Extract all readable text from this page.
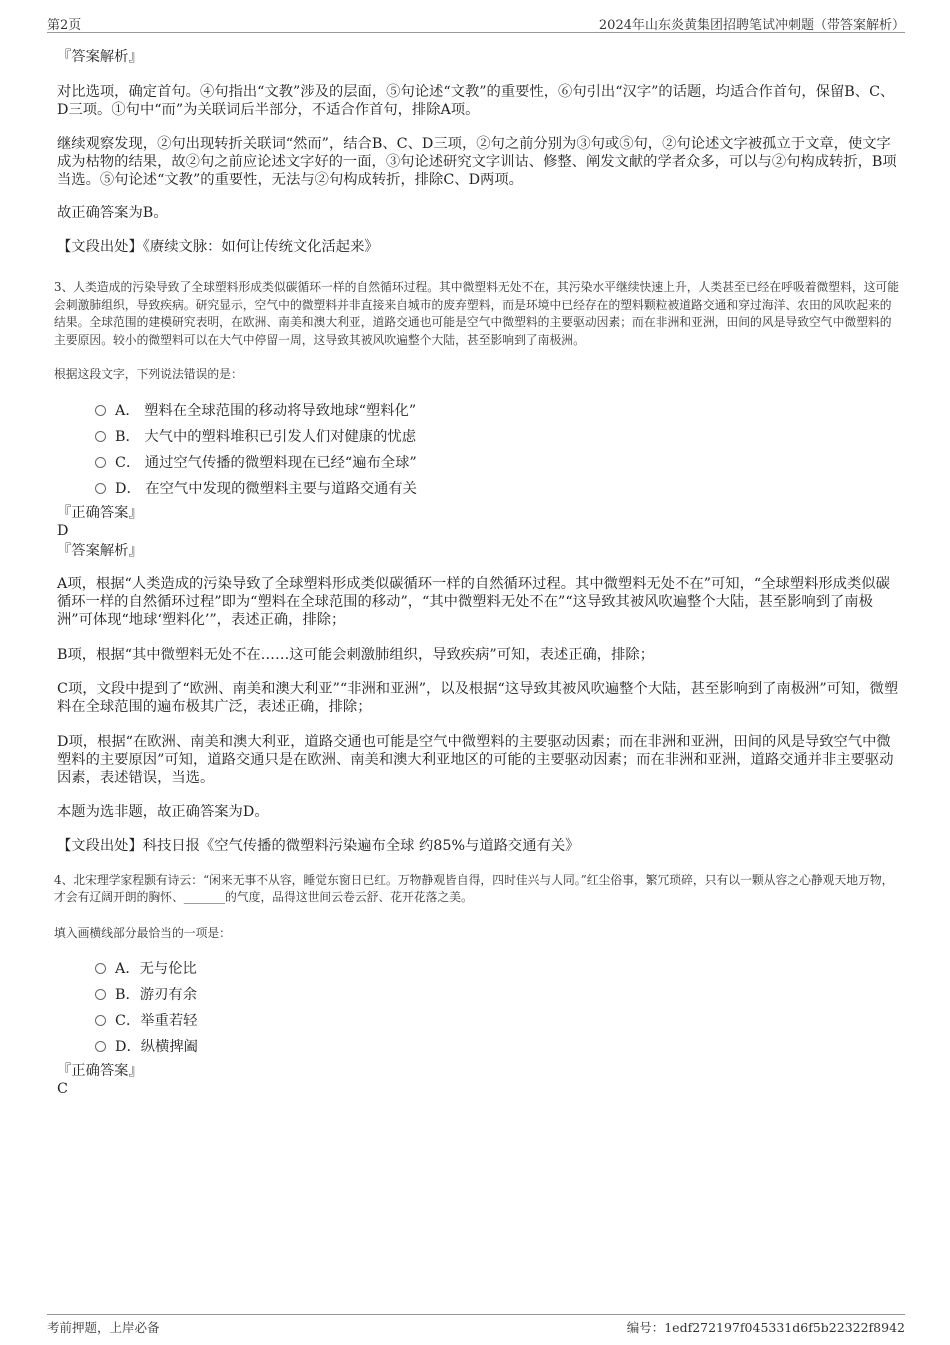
第2页	2024年山东炎黄集团招聘笔试冲刺题（带答案解析）

『答案解析』

对比选项，确定首句。④句指出“文教”涉及的层面，⑤句论述“文教”的重要性，⑥句引出“汉字”的话题，均适合作首句，保留B、C、D三项。①句中“而”为关联词后半部分，不适合作首句，排除A项。

继续观察发现，②句出现转折关联词“然而”，结合B、C、D三项，②句之前分别为③句或⑤句，②句论述文字被孤立于文章，使文字成为枯物的结果，故②句之前应论述文字好的一面，③句论述研究文字训诂、修整、阐发文献的学者众多，可以与②句构成转折，B项当选。⑤句论述“文教”的重要性，无法与②句构成转折，排除C、D两项。

故正确答案为B。

【文段出处】《赓续文脉：如何让传统文化活起来》

3、人类造成的污染导致了全球塑料形成类似碳循环一样的自然循环过程。其中微塑料无处不在，其污染水平继续快速上升，人类甚至已经在呼吸着微塑料，这可能会刺激肺组织，导致疾病。研究显示，空气中的微塑料并非直接来自城市的废弃塑料，而是环境中已经存在的塑料颗粒被道路交通和穿过海洋、农田的风吹起来的结果。全球范围的建模研究表明，在欧洲、南美和澳大利亚，道路交通也可能是空气中微塑料的主要驱动因素；而在非洲和亚洲，田间的风是导致空气中微塑料的主要原因。较小的微塑料可以在大气中停留一周，这导致其被风吹遍整个大陆，甚至影响到了南极洲。

根据这段文字，下列说法错误的是：

A． 塑料在全球范围的移动将导致地球“塑料化”
B． 大气中的塑料堆积已引发人们对健康的忧虑
C． 通过空气传播的微塑料现在已经“遍布全球”
D． 在空气中发现的微塑料主要与道路交通有关

『正确答案』

D

『答案解析』

A项，根据“人类造成的污染导致了全球塑料形成类似碳循环一样的自然循环过程。其中微塑料无处不在”可知，“全球塑料形成类似碳循环一样的自然循环过程”即为“塑料在全球范围的移动”，“其中微塑料无处不在”“这导致其被风吹遍整个大陆，甚至影响到了南极洲”可体现“地球‘塑料化’”，表述正确，排除；

B项，根据“其中微塑料无处不在……这可能会刺激肺组织，导致疾病”可知，表述正确，排除；

C项，文段中提到了“欧洲、南美和澳大利亚”“非洲和亚洲”，以及根据“这导致其被风吹遍整个大陆，甚至影响到了南极洲”可知，微塑料在全球范围的遍布极其广泛，表述正确，排除；

D项，根据“在欧洲、南美和澳大利亚，道路交通也可能是空气中微塑料的主要驱动因素；而在非洲和亚洲，田间的风是导致空气中微塑料的主要原因”可知，道路交通只是在欧洲、南美和澳大利亚地区的可能的主要驱动因素；而在非洲和亚洲，道路交通并非主要驱动因素，表述错误，当选。

本题为选非题，故正确答案为D。

【文段出处】科技日报《空气传播的微塑料污染遍布全球 约85%与道路交通有关》

4、北宋理学家程颢有诗云：“闲来无事不从容，睡觉东窗日已红。万物静观皆自得，四时佳兴与人同。”红尘俗事，繁冗琐碎，只有以一颗从容之心静观天地万物，才会有辽阔开朗的胸怀、_______的气度，品得这世间云卷云舒、花开花落之美。

填入画横线部分最恰当的一项是：

A．无与伦比
B．游刃有余
C．举重若轻
D．纵横捭阖

『正确答案』

C

考前押题，上岸必备	编号：1edf272197f045331d6f5b22322f8942
